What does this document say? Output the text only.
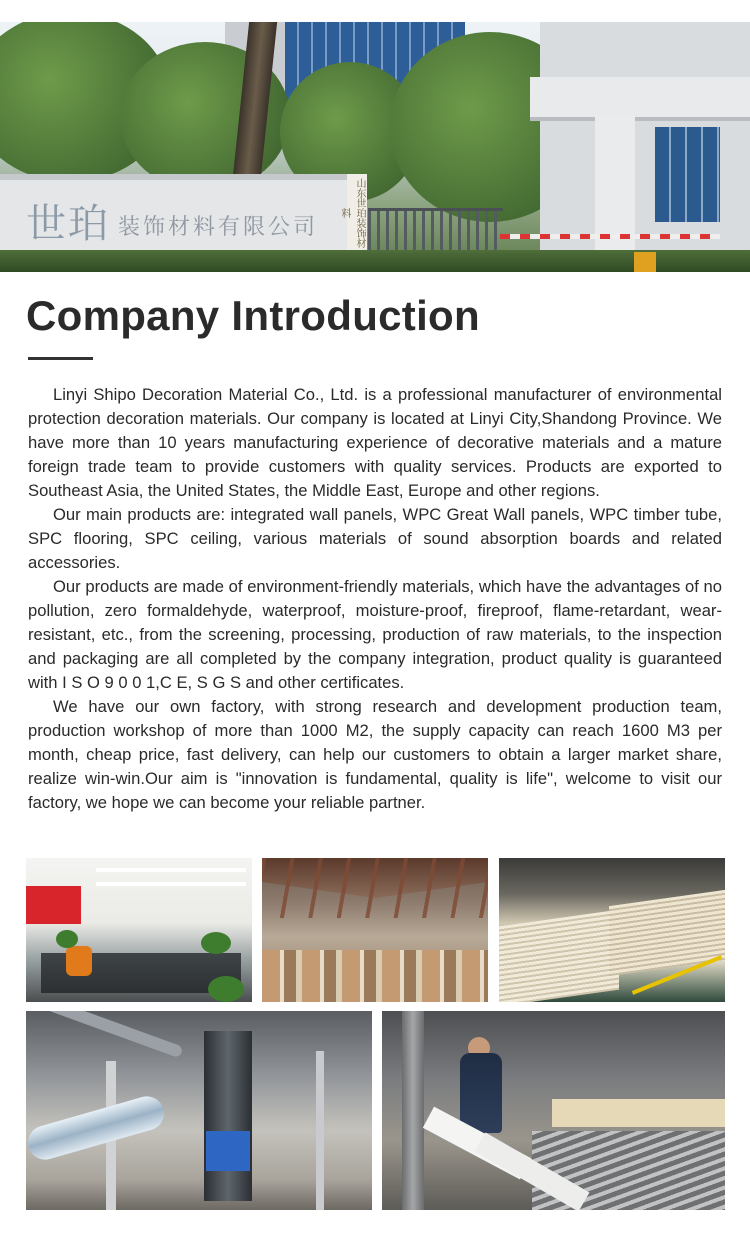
世珀 装饰材料有限公司	山东世珀装饰材料
Company Introduction

Linyi Shipo Decoration Material Co., Ltd. is a professional manufacturer of environmental protection decoration materials. Our company is located at Linyi City,Shandong Province. We have more than 10 years manufacturing experience of decorative materials and a mature foreign trade team to provide customers with quality services. Products are exported to Southeast Asia, the United States, the Middle East, Europe and other regions.

Our main products are: integrated wall panels, WPC Great Wall panels, WPC timber tube, SPC flooring, SPC ceiling, various materials of sound absorption boards and related accessories.

Our products are made of environment-friendly materials, which have the advantages of no pollution, zero formaldehyde, waterproof, moisture-proof, fireproof, flame-retardant, wear-resistant, etc., from the screening, processing, production of raw materials, to the inspection and packaging are all completed by the company integration, product quality is guaranteed with I S O 9 0 0 1,C E, S G S and other certificates.

We have our own factory, with strong research and development production team, production workshop of more than 1000 M2, the supply capacity can reach 1600 M3 per month, cheap price, fast delivery, can help our customers to obtain a larger market share, realize win-win.Our aim is "innovation is fundamental, quality is life", welcome to visit our factory, we hope we can become your reliable partner.
